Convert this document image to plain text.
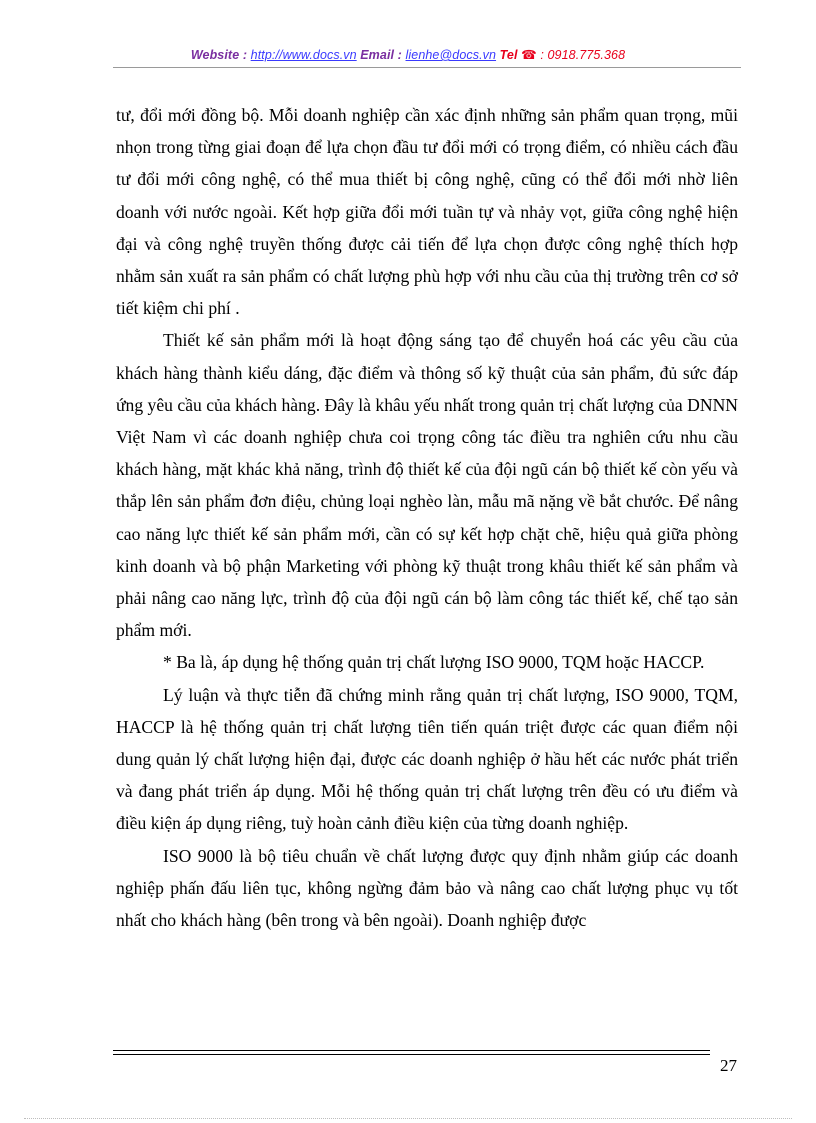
Website : http://www.docs.vn Email : lienhe@docs.vn Tel ☎ : 0918.775.368

tư, đổi mới đồng bộ. Mỗi doanh nghiệp cần xác định những sản phẩm quan trọng, mũi nhọn trong từng giai đoạn để lựa chọn đầu tư đổi mới có trọng điểm, có nhiều cách đầu tư đổi mới công nghệ, có thể mua thiết bị công nghệ, cũng có thể đổi mới nhờ liên doanh với nước ngoài. Kết hợp giữa đổi mới tuần tự và nhảy vọt, giữa công nghệ hiện đại và công nghệ truyền thống được cải tiến để lựa chọn được công nghệ thích hợp nhằm sản xuất ra sản phẩm có chất lượng phù hợp với nhu cầu của thị trường trên cơ sở tiết kiệm chi phí .

Thiết kế sản phẩm mới là hoạt động sáng tạo để chuyển hoá các yêu cầu của khách hàng thành kiểu dáng, đặc điểm và thông số kỹ thuật của sản phẩm, đủ sức đáp ứng yêu cầu của khách hàng. Đây là khâu yếu nhất trong quản trị chất lượng của DNNN Việt Nam vì các doanh nghiệp chưa coi trọng công tác điều tra nghiên cứu nhu cầu khách hàng, mặt khác khả năng, trình độ thiết kế của đội ngũ cán bộ thiết kế còn yếu và thắp lên sản phẩm đơn điệu, chủng loại nghèo làn, mẫu mã nặng về bắt chước. Để nâng cao năng lực thiết kế sản phẩm mới, cần có sự kết hợp chặt chẽ, hiệu quả giữa phòng kinh doanh và bộ phận Marketing với phòng kỹ thuật trong khâu thiết kế sản phẩm và phải nâng cao năng lực, trình độ của đội ngũ cán bộ làm công tác thiết kế, chế tạo sản phẩm mới.

* Ba là, áp dụng hệ thống quản trị chất lượng ISO 9000, TQM hoặc HACCP.

Lý luận và thực tiễn đã chứng minh rằng quản trị chất lượng, ISO 9000, TQM, HACCP là hệ thống quản trị chất lượng tiên tiến quán triệt được các quan điểm nội dung quản lý chất lượng hiện đại, được các doanh nghiệp ở hầu hết các nước phát triển và đang phát triển áp dụng. Mỗi hệ thống quản trị chất lượng trên đều có ưu điểm và điều kiện áp dụng riêng, tuỳ hoàn cảnh điều kiện của từng doanh nghiệp.

ISO 9000 là bộ tiêu chuẩn về chất lượng được quy định nhằm giúp các doanh nghiệp phấn đấu liên tục, không ngừng đảm bảo và nâng cao chất lượng phục vụ tốt nhất cho khách hàng (bên trong và bên ngoài). Doanh nghiệp được

27
